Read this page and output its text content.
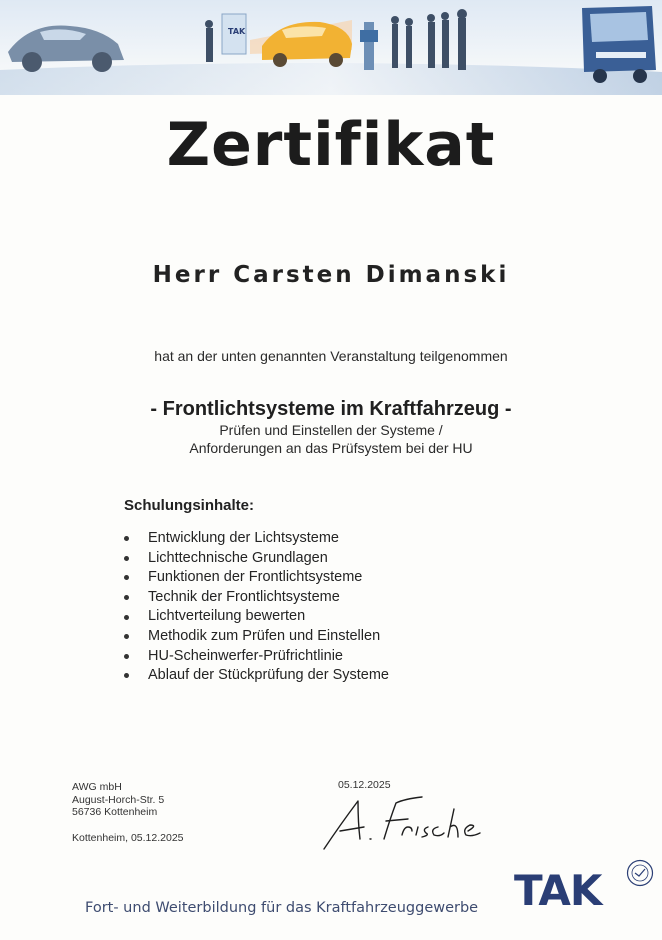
TAK
Zertifikat
Herr Carsten Dimanski
hat an der unten genannten Veranstaltung teilgenommen
- Frontlichtsysteme im Kraftfahrzeug -
Prüfen und Einstellen der Systeme /
Anforderungen an das Prüfsystem bei der HU
Schulungsinhalte:
Entwicklung der Lichtsysteme
Lichttechnische Grundlagen
Funktionen der Frontlichtsysteme
Technik der Frontlichtsysteme
Lichtverteilung bewerten
Methodik zum Prüfen und Einstellen
HU-Scheinwerfer-Prüfrichtlinie
Ablauf der Stückprüfung der Systeme
AWG mbH
August-Horch-Str. 5
56736 Kottenheim
Kottenheim, 05.12.2025
05.12.2025
Fort- und Weiterbildung für das Kraftfahrzeuggewerbe TAK
